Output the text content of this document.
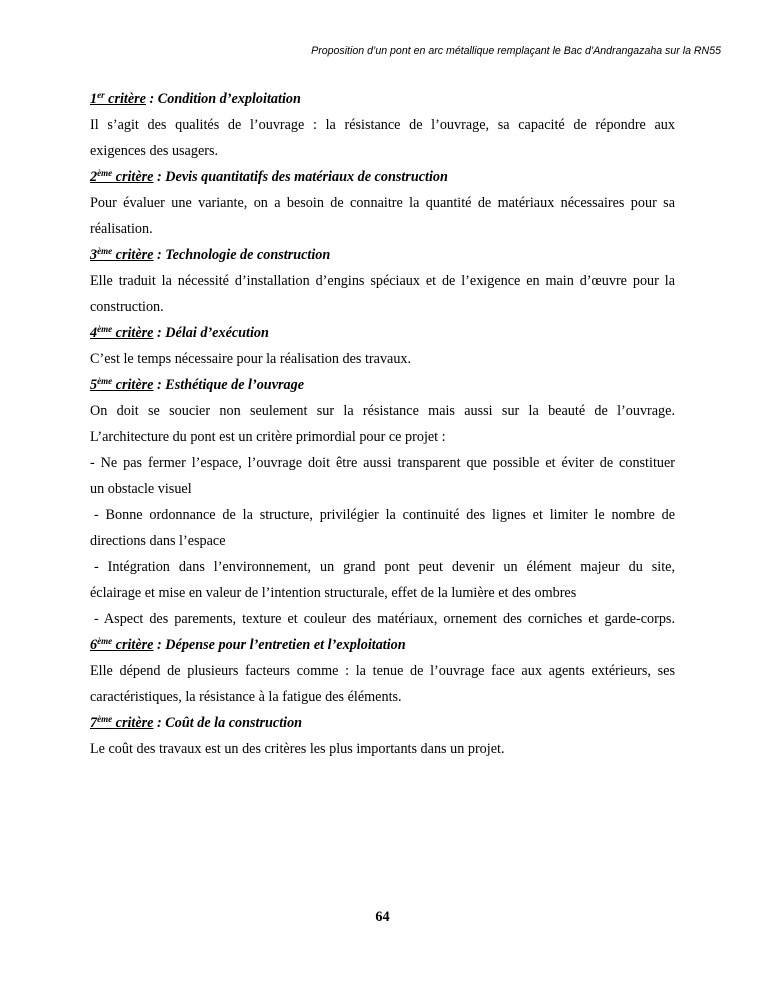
Proposition d’un pont en arc métallique remplaçant le Bac d’Andrangazaha sur la RN55
1er critère : Condition d’exploitation
Il s’agit des qualités de l’ouvrage : la résistance de l’ouvrage, sa capacité de répondre aux
exigences des usagers.
2ème critère : Devis quantitatifs des matériaux de construction
Pour évaluer une variante, on a besoin de connaitre la quantité de matériaux nécessaires pour sa
réalisation.
3ème critère : Technologie de construction
Elle traduit la nécessité d’installation d’engins spéciaux et de l’exigence en main d’œuvre pour la
construction.
4ème critère : Délai d’exécution
C’est le temps nécessaire pour la réalisation des travaux.
5ème critère : Esthétique de l’ouvrage
On doit se soucier non seulement sur la résistance mais aussi sur la beauté de l’ouvrage.
L’architecture du pont est un critère primordial pour ce projet :
- Ne pas fermer l’espace, l’ouvrage doit être aussi transparent que possible et éviter de constituer
un obstacle visuel
- Bonne ordonnance de la structure, privilégier la continuité des lignes et limiter le nombre de
directions dans l’espace
- Intégration dans l’environnement, un grand pont peut devenir un élément majeur du site,
éclairage et mise en valeur de l’intention structurale, effet de la lumière et des ombres
- Aspect des parements, texture et couleur des matériaux, ornement des corniches et garde-corps.
6ème critère : Dépense pour l’entretien et l’exploitation
Elle dépend de plusieurs facteurs comme : la tenue de l’ouvrage face aux agents extérieurs, ses
caractéristiques, la résistance à la fatigue des éléments.
7ème critère : Coût de la construction
Le coût des travaux est un des critères les plus importants dans un projet.
64
